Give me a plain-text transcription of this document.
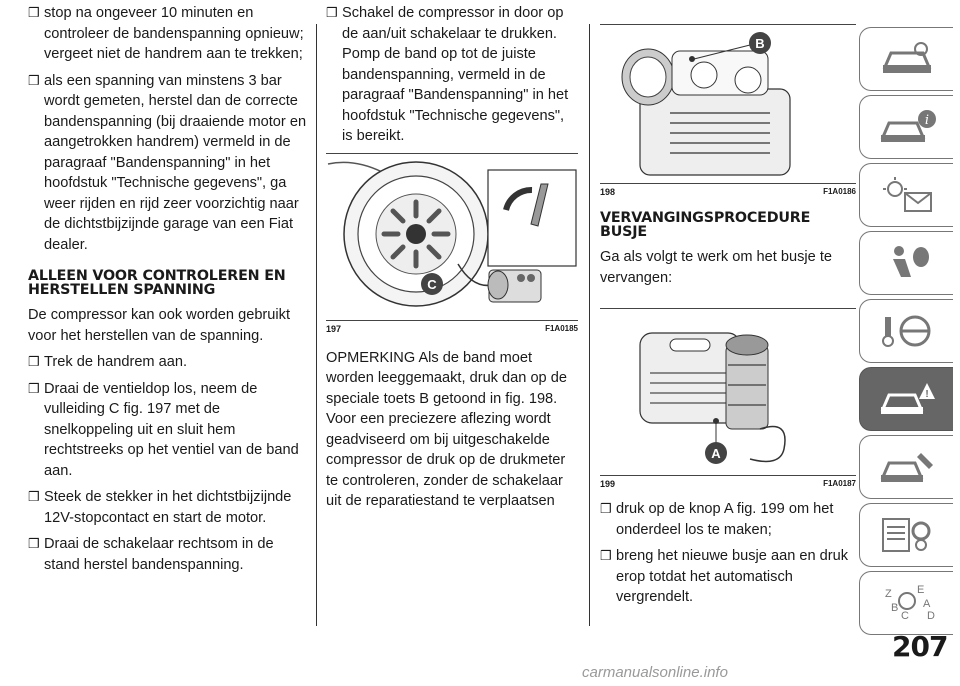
❒ stop na ongeveer 10 minuten en controleer de bandenspanning opnieuw; vergeet niet de handrem aan te trekken;
❒ als een spanning van minstens 3 bar wordt gemeten, herstel dan de correcte bandenspanning (bij draaiende motor en aangetrokken handrem) vermeld in de paragraaf "Bandenspanning" in het hoofdstuk "Technische gegevens", ga weer rijden en rijd zeer voorzichtig naar de dichtstbijzijnde garage van een Fiat dealer.
ALLEEN VOOR CONTROLEREN EN HERSTELLEN SPANNING

De compressor kan ook worden gebruikt voor het herstellen van de spanning.

❒ Trek de handrem aan.
❒ Draai de ventieldop los, neem de vulleiding C fig. 197 met de snelkoppeling uit en sluit hem rechtstreeks op het ventiel van de band aan.
❒ Steek de stekker in het dichtstbijzijnde 12V-stopcontact en start de motor.
❒ Draai de schakelaar rechtsom in de stand herstel bandenspanning.
❒ Schakel de compressor in door op de aan/uit schakelaar te drukken. Pomp de band op tot de juiste bandenspanning, vermeld in de paragraaf "Bandenspanning" in het hoofdstuk "Technische gegevens", is bereikt.
C
197	F1A0185

OPMERKING Als de band moet worden leeggemaakt, druk dan op de speciale toets B getoond in fig. 198. Voor een preciezere aflezing wordt geadviseerd om bij uitgeschakelde compressor de druk op de drukmeter te controleren, zonder de schakelaar uit de reparatiestand te verplaatsen

B
198	F1A0186
VERVANGINGSPROCEDURE BUSJE

Ga als volgt te werk om het busje te vervangen:

A
199	F1A0187
❒ druk op de knop A fig. 199 om het onderdeel los te maken;
❒ breng het nieuwe busje aan en druk erop totdat het automatisch vergrendelt.
i
!
Z E
B A
C D
207
carmanualsonline.info
